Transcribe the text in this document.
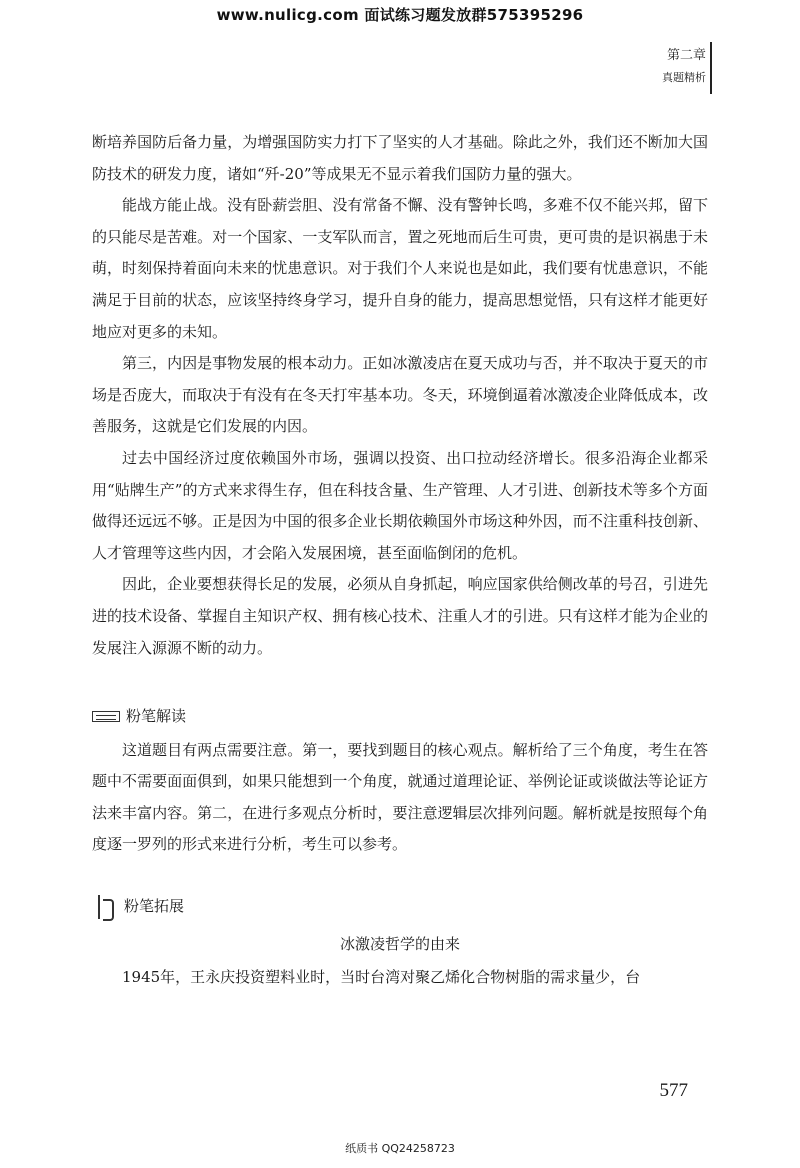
www.nulicg.com 面试练习题发放群575395296
第二章
真题精析

断培养国防后备力量，为增强国防实力打下了坚实的人才基础。除此之外，我们还不断加大国防技术的研发力度，诸如“歼-20”等成果无不显示着我们国防力量的强大。

能战方能止战。没有卧薪尝胆、没有常备不懈、没有警钟长鸣，多难不仅不能兴邦，留下的只能尽是苦难。对一个国家、一支军队而言，置之死地而后生可贵，更可贵的是识祸患于未萌，时刻保持着面向未来的忧患意识。对于我们个人来说也是如此，我们要有忧患意识，不能满足于目前的状态，应该坚持终身学习，提升自身的能力，提高思想觉悟，只有这样才能更好地应对更多的未知。

第三，内因是事物发展的根本动力。正如冰激凌店在夏天成功与否，并不取决于夏天的市场是否庞大，而取决于有没有在冬天打牢基本功。冬天，环境倒逼着冰激凌企业降低成本，改善服务，这就是它们发展的内因。

过去中国经济过度依赖国外市场，强调以投资、出口拉动经济增长。很多沿海企业都采用“贴牌生产”的方式来求得生存，但在科技含量、生产管理、人才引进、创新技术等多个方面做得还远远不够。正是因为中国的很多企业长期依赖国外市场这种外因，而不注重科技创新、人才管理等这些内因，才会陷入发展困境，甚至面临倒闭的危机。

因此，企业要想获得长足的发展，必须从自身抓起，响应国家供给侧改革的号召，引进先进的技术设备、掌握自主知识产权、拥有核心技术、注重人才的引进。只有这样才能为企业的发展注入源源不断的动力。

粉笔解读

这道题目有两点需要注意。第一，要找到题目的核心观点。解析给了三个角度，考生在答题中不需要面面俱到，如果只能想到一个角度，就通过道理论证、举例论证或谈做法等论证方法来丰富内容。第二，在进行多观点分析时，要注意逻辑层次排列问题。解析就是按照每个角度逐一罗列的形式来进行分析，考生可以参考。

粉笔拓展
冰激凌哲学的由来

1945年，王永庆投资塑料业时，当时台湾对聚乙烯化合物树脂的需求量少，台

577
纸质书 QQ24258723
